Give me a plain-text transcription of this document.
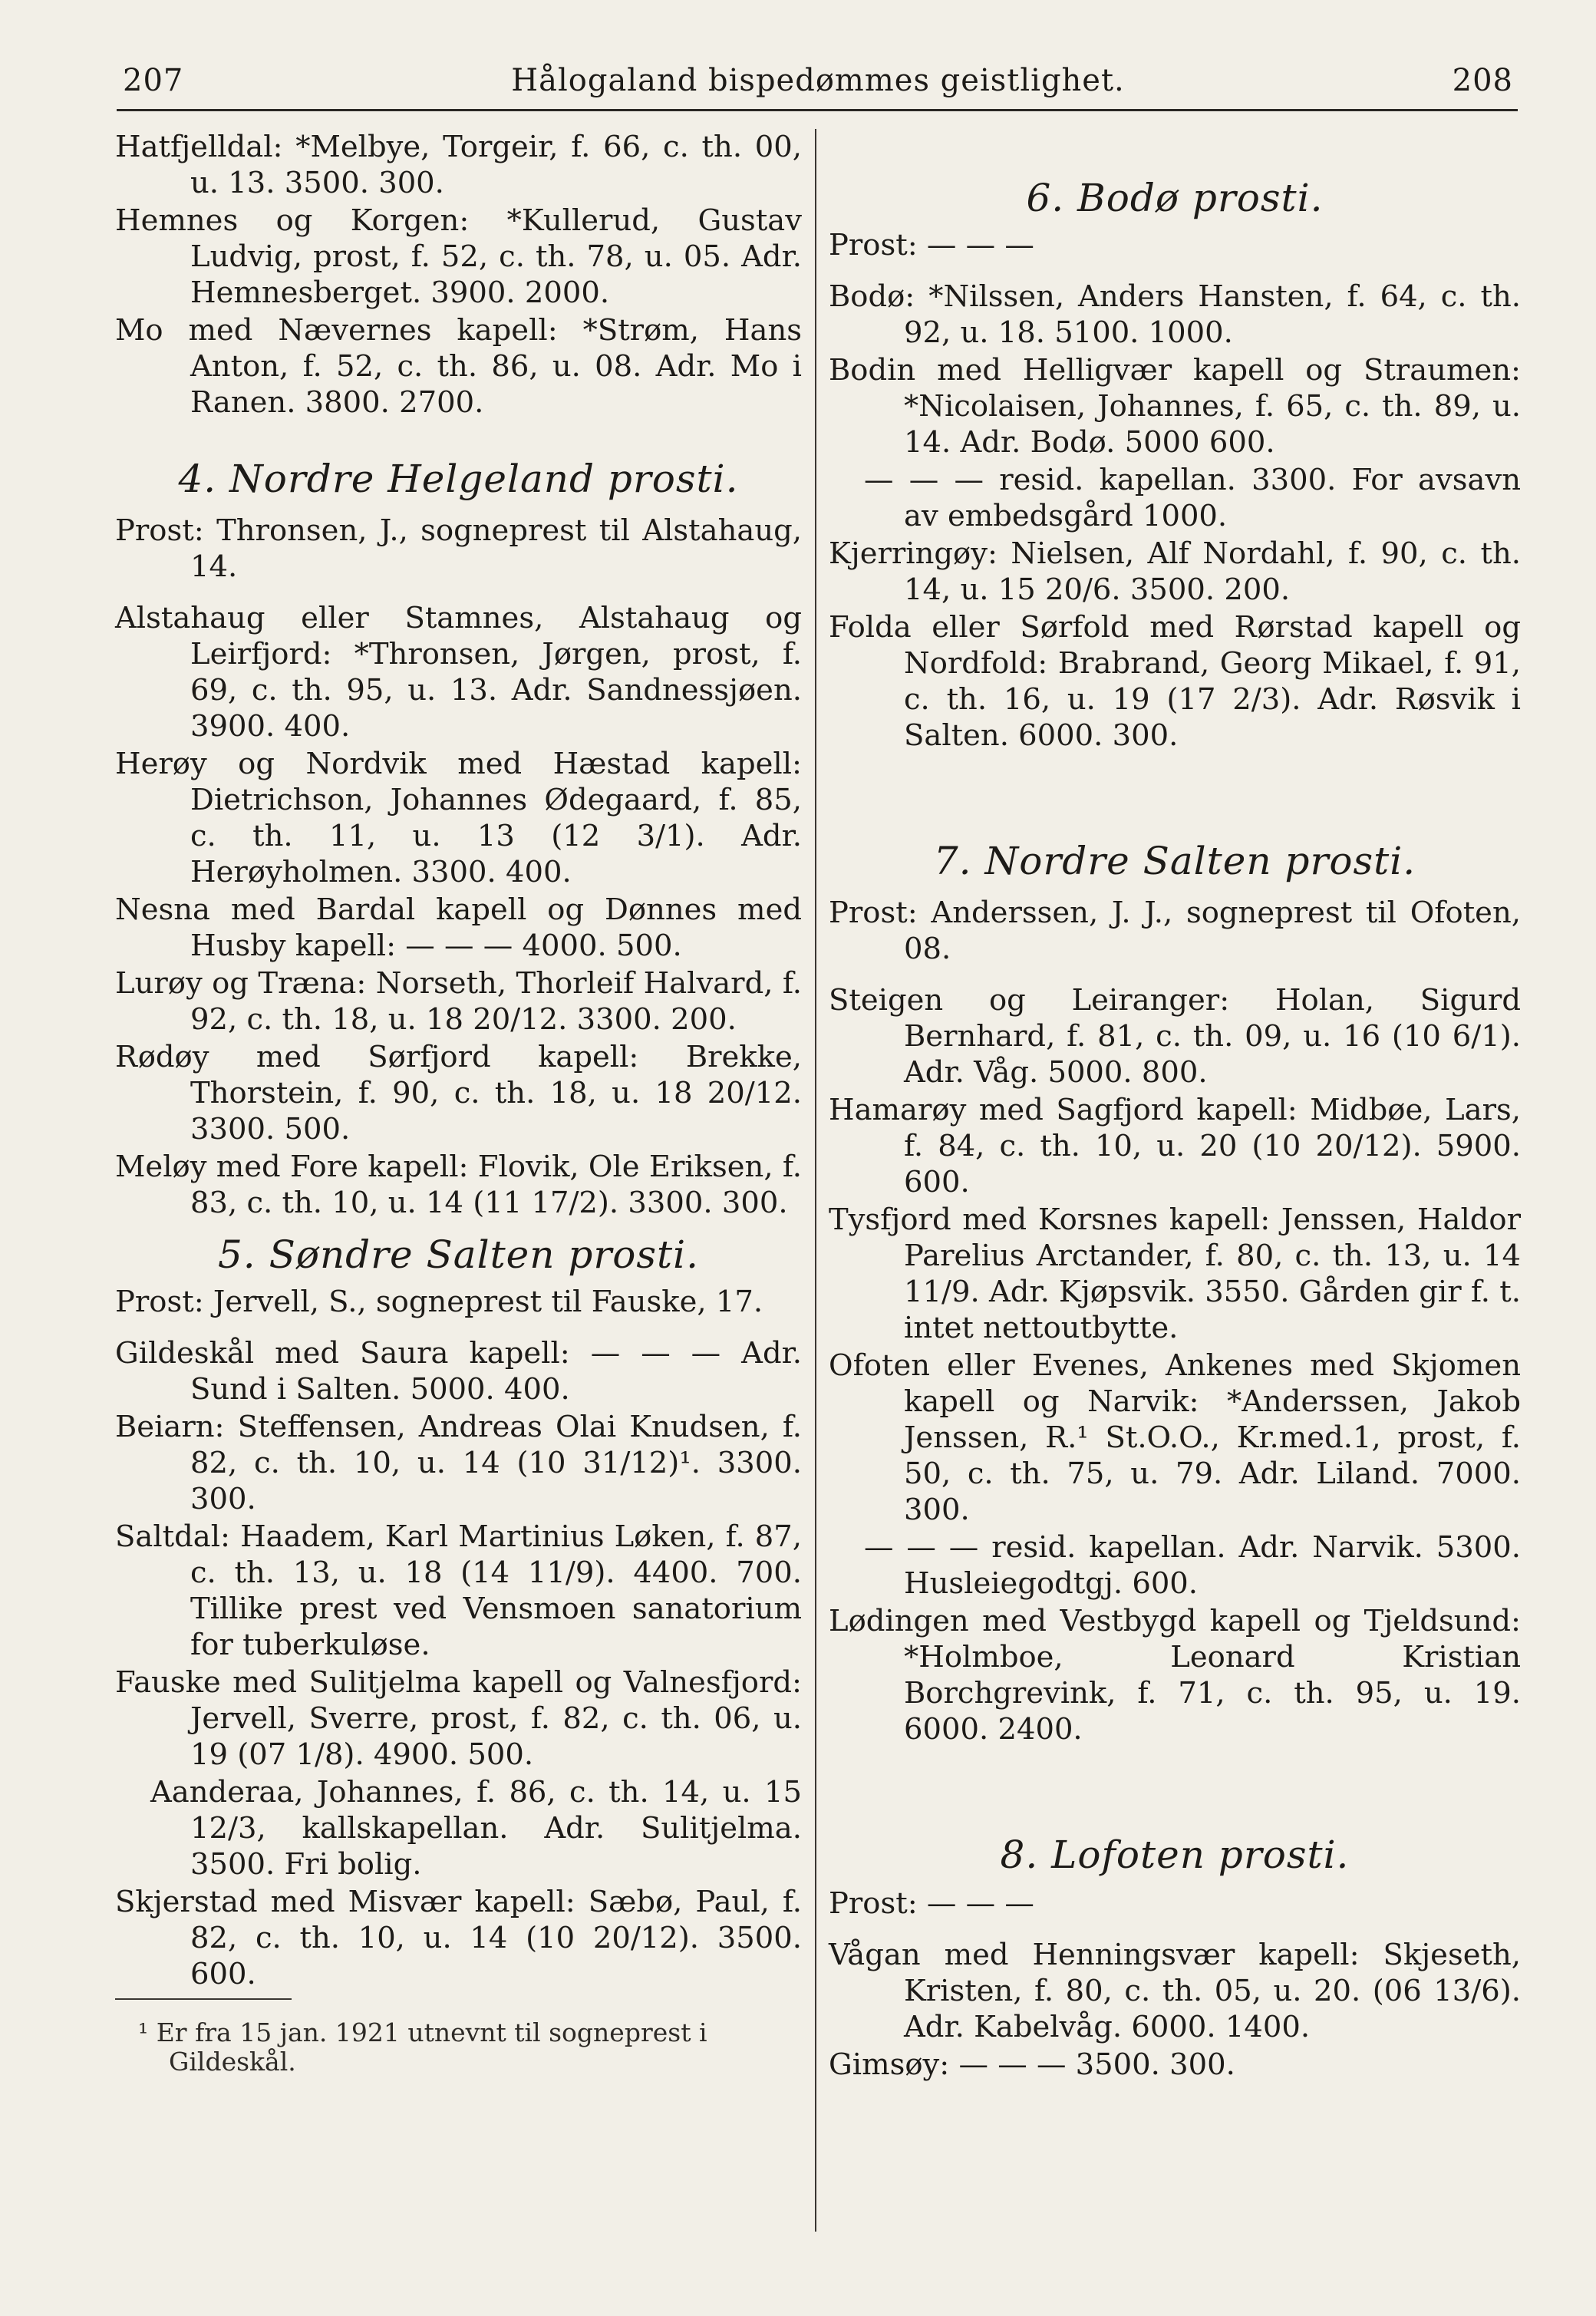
207	Hålogaland bispedømmes geistlighet.	208

Hatfjelldal: *Melbye, Torgeir, f. 66, c. th. 00, u. 13. 3500. 300.

Hemnes og Korgen: *Kullerud, Gustav Ludvig, prost, f. 52, c. th. 78, u. 05. Adr. Hemnesberget. 3900. 2000.

Mo med Nævernes kapell: *Strøm, Hans Anton, f. 52, c. th. 86, u. 08. Adr. Mo i Ranen. 3800. 2700.

4. Nordre Helgeland prosti.

Prost: Thronsen, J., sogneprest til Alstahaug, 14.

Alstahaug eller Stamnes, Alstahaug og Leirfjord: *Thronsen, Jørgen, prost, f. 69, c. th. 95, u. 13. Adr. Sandnessjøen. 3900. 400.

Herøy og Nordvik med Hæstad kapell: Dietrichson, Johannes Ødegaard, f. 85, c. th. 11, u. 13 (12 3/1). Adr. Herøyholmen. 3300. 400.

Nesna med Bardal kapell og Dønnes med Husby kapell: — — — 4000. 500.

Lurøy og Træna: Norseth, Thorleif Halvard, f. 92, c. th. 18, u. 18 20/12. 3300. 200.

Rødøy med Sørfjord kapell: Brekke, Thorstein, f. 90, c. th. 18, u. 18 20/12. 3300. 500.

Meløy med Fore kapell: Flovik, Ole Eriksen, f. 83, c. th. 10, u. 14 (11 17/2). 3300. 300.

5. Søndre Salten prosti.

Prost: Jervell, S., sogneprest til Fauske, 17.

Gildeskål med Saura kapell: — — — Adr. Sund i Salten. 5000. 400.

Beiarn: Steffensen, Andreas Olai Knudsen, f. 82, c. th. 10, u. 14 (10 31/12)¹. 3300. 300.

Saltdal: Haadem, Karl Martinius Løken, f. 87, c. th. 13, u. 18 (14 11/9). 4400. 700. Tillike prest ved Vensmoen sanatorium for tuberkuløse.

Fauske med Sulitjelma kapell og Valnesfjord: Jervell, Sverre, prost, f. 82, c. th. 06, u. 19 (07 1/8). 4900. 500.

Aanderaa, Johannes, f. 86, c. th. 14, u. 15 12/3, kallskapellan. Adr. Sulitjelma. 3500. Fri bolig.

Skjerstad med Misvær kapell: Sæbø, Paul, f. 82, c. th. 10, u. 14 (10 20/12). 3500. 600.

¹ Er fra 15 jan. 1921 utnevnt til sogneprest i Gildeskål.
6. Bodø prosti.

Prost: — — —

Bodø: *Nilssen, Anders Hansten, f. 64, c. th. 92, u. 18. 5100. 1000.

Bodin med Helligvær kapell og Straumen: *Nicolaisen, Johannes, f. 65, c. th. 89, u. 14. Adr. Bodø. 5000 600.

— — — resid. kapellan. 3300. For avsavn av embedsgård 1000.

Kjerringøy: Nielsen, Alf Nordahl, f. 90, c. th. 14, u. 15 20/6. 3500. 200.

Folda eller Sørfold med Rørstad kapell og Nordfold: Brabrand, Georg Mikael, f. 91, c. th. 16, u. 19 (17 2/3). Adr. Røsvik i Salten. 6000. 300.

7. Nordre Salten prosti.

Prost: Anderssen, J. J., sogneprest til Ofoten, 08.

Steigen og Leiranger: Holan, Sigurd Bernhard, f. 81, c. th. 09, u. 16 (10 6/1). Adr. Våg. 5000. 800.

Hamarøy med Sagfjord kapell: Midbøe, Lars, f. 84, c. th. 10, u. 20 (10 20/12). 5900. 600.

Tysfjord med Korsnes kapell: Jenssen, Haldor Parelius Arctander, f. 80, c. th. 13, u. 14 11/9. Adr. Kjøpsvik. 3550. Gården gir f. t. intet nettoutbytte.

Ofoten eller Evenes, Ankenes med Skjomen kapell og Narvik: *Anderssen, Jakob Jenssen, R.¹ St.O.O., Kr.med.1, prost, f. 50, c. th. 75, u. 79. Adr. Liland. 7000. 300.

— — — resid. kapellan. Adr. Narvik. 5300. Husleiegodtgj. 600.

Lødingen med Vestbygd kapell og Tjeldsund: *Holmboe, Leonard Kristian Borchgrevink, f. 71, c. th. 95, u. 19. 6000. 2400.

8. Lofoten prosti.

Prost: — — —

Vågan med Henningsvær kapell: Skjeseth, Kristen, f. 80, c. th. 05, u. 20. (06 13/6). Adr. Kabelvåg. 6000. 1400.

Gimsøy: — — — 3500. 300.
